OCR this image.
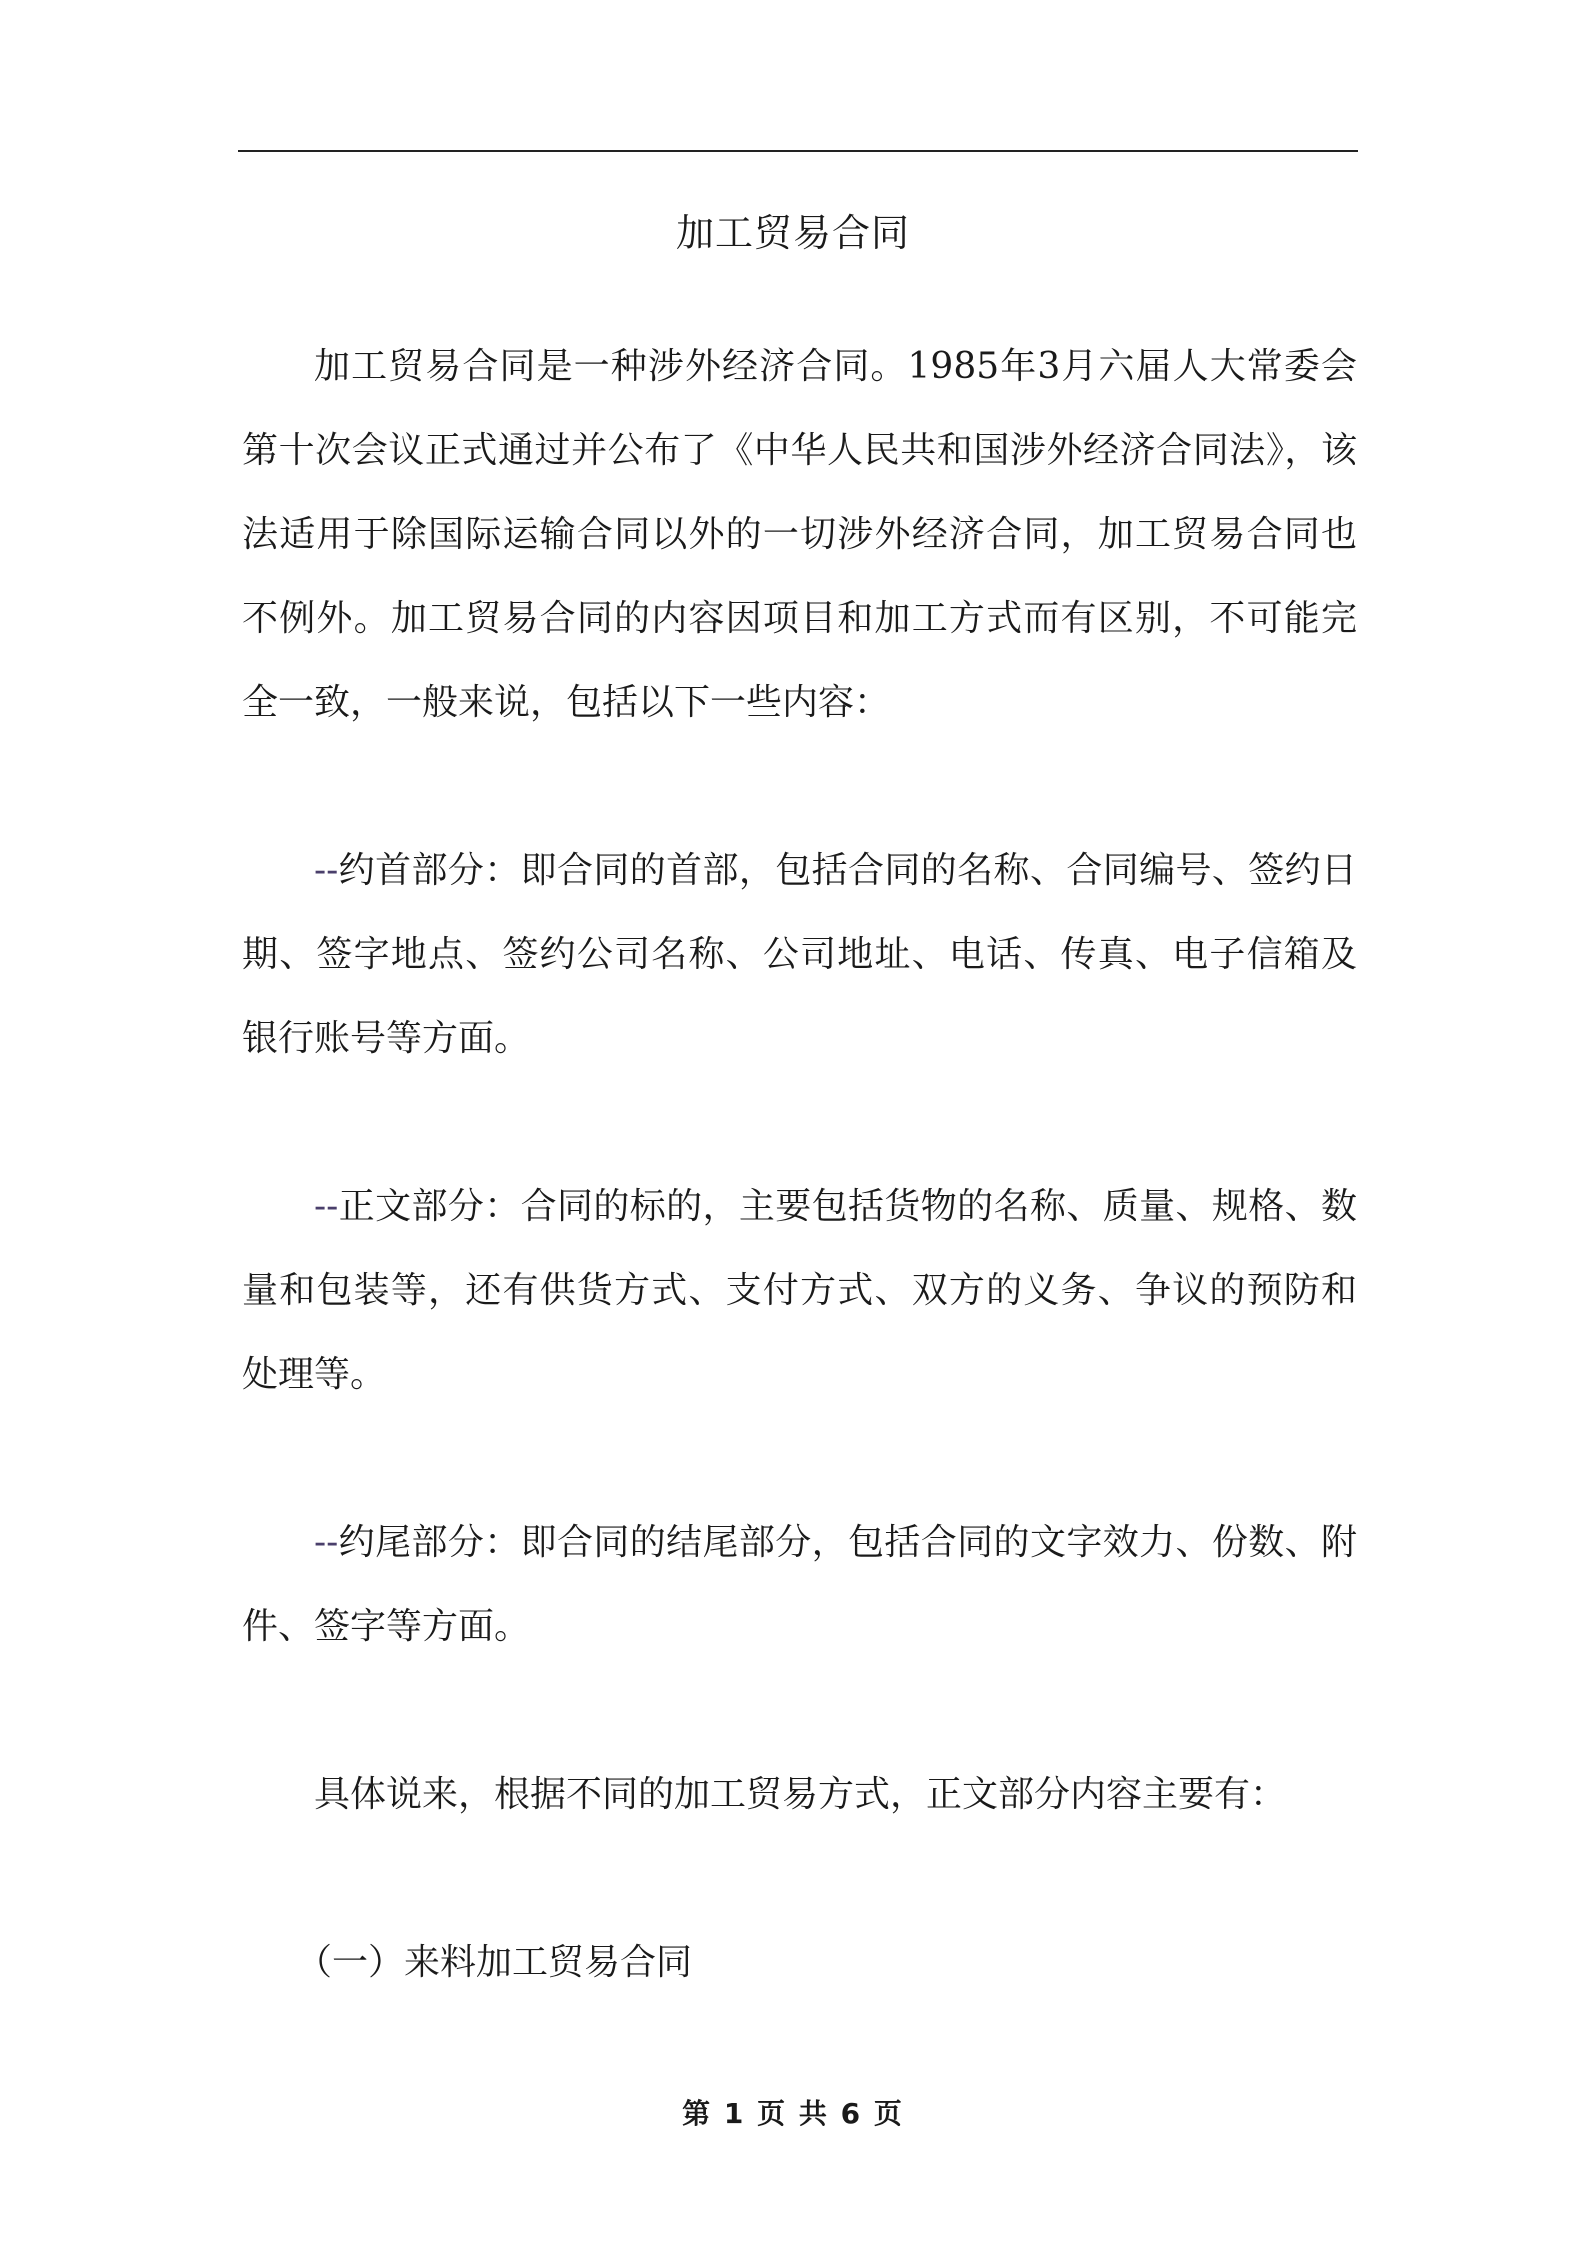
加工贸易合同

加工贸易合同是一种涉外经济合同。1985年3月六届人大常委会第十次会议正式通过并公布了《中华人民共和国涉外经济合同法》，该法适用于除国际运输合同以外的一切涉外经济合同，加工贸易合同也不例外。加工贸易合同的内容因项目和加工方式而有区别，不可能完全一致，一般来说，包括以下一些内容：

--约首部分：即合同的首部，包括合同的名称、合同编号、签约日期、签字地点、签约公司名称、公司地址、电话、传真、电子信箱及银行账号等方面。

--正文部分：合同的标的，主要包括货物的名称、质量、规格、数量和包装等，还有供货方式、支付方式、双方的义务、争议的预防和处理等。

--约尾部分：即合同的结尾部分，包括合同的文字效力、份数、附件、签字等方面。

具体说来，根据不同的加工贸易方式，正文部分内容主要有：

（一）来料加工贸易合同

第 1 页 共 6 页
